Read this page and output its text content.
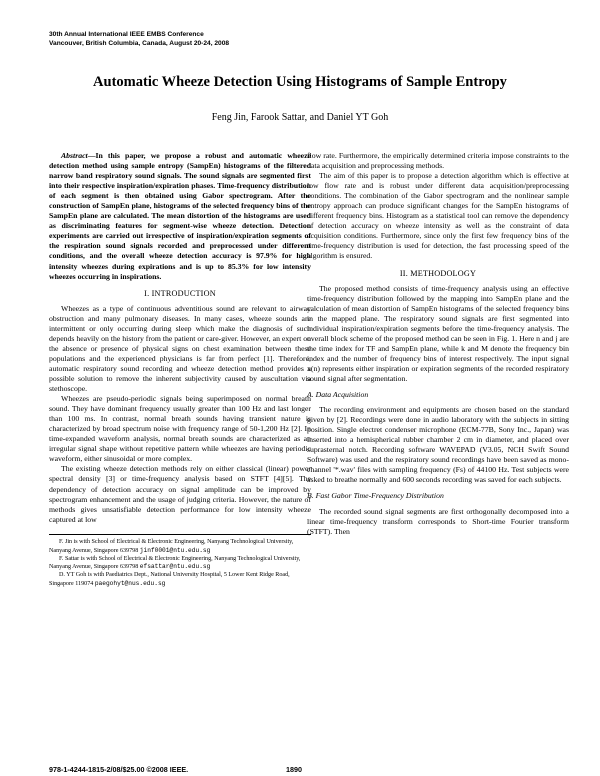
30th Annual International IEEE EMBS Conference
Vancouver, British Columbia, Canada, August 20-24, 2008
Automatic Wheeze Detection Using Histograms of Sample Entropy
Feng Jin, Farook Sattar, and Daniel YT Goh

Abstract—In this paper, we propose a robust and automatic wheeze detection method using sample entropy (SampEn) histograms of the filtered narrow band respiratory sound signals. The sound signals are segmented first into their respective inspiration/expiration phases. Time-frequency distribution of each segment is then obtained using Gabor spectrogram. After the construction of SampEn plane, histograms of the selected frequency bins of the SampEn plane are calculated. The mean distortion of the histograms are used as discriminating features for segment-wise wheeze detection. Detection experiments are carried out irrespective of inspiration/expiration segments of the respiration sound signals recorded and preprocessed under different conditions, and the overall wheeze detection accuracy is 97.9% for high intensity wheezes during expirations and is up to 85.3% for low intensity wheezes occurring in inspirations.

I. INTRODUCTION

Wheezes as a type of continuous adventitious sound are relevant to airway obstruction and many pulmonary diseases. In many cases, wheeze sounds are intermittent or only occurring during sleep which make the diagnosis of such depends heavily on the history from the patient or care-giver. However, an expert on the absence or presence of physical signs on chest examination between these populations and the experienced physicians is far from perfect [1]. Therefore, automatic respiratory sound recording and wheeze detection method provides a possible solution to remove the inherent subjectivity caused by auscultation via stethoscope.

Wheezes are pseudo-periodic signals being superimposed on normal breath sound. They have dominant frequency usually greater than 100 Hz and last longer than 100 ms. In contrast, normal breath sounds having transient nature is characterized by broad spectrum noise with frequency range of 50-1,200 Hz [2]. In time-expanded waveform analysis, normal breath sounds are characterized as an irregular signal shape without repetitive pattern while wheezes are having periodic waveform, either sinusoidal or more complex.

The existing wheeze detection methods rely on either classical (linear) power spectral density [3] or time-frequency analysis based on STFT [4][5]. The dependency of detection accuracy on signal amplitude can be improved by spectrogram enhancement and the usage of judging criteria. However, the nature of methods gives unsatisfiable detection performance for low intensity wheeze captured at low

F. Jin is with School of Electrical & Electronic Engineering, Nanyang Technological University, Nanyang Avenue, Singapore 639798 jinf0001@ntu.edu.sg

F. Sattar is with School of Electrical & Electronic Engineering, Nanyang Technological University, Nanyang Avenue, Singapore 639798 efsattar@ntu.edu.sg

D. YT Goh is with Paediatrics Dept., National University Hospital, 5 Lower Kent Ridge Road, Singapore 119074 paegohyt@nus.edu.sg

flow rate. Furthermore, the empirically determined criteria impose constraints to the data acquisition and preprocessing methods.

The aim of this paper is to propose a detection algorithm which is effective at low flow rate and is robust under different data acquisition/preprocessing conditions. The combination of the Gabor spectrogram and the nonlinear sample entropy approach can produce significant changes for the SampEn histograms of different frequency bins. Histogram as a statistical tool can remove the dependency of detection accuracy on wheeze intensity as well as the constraint of data acquisition conditions. Furthermore, since only the first few frequency bins of the time-frequency distribution is used for detection, the fast processing speed of the algorithm is ensured.

II. METHODOLOGY

The proposed method consists of time-frequency analysis using an effective time-frequency distribution followed by the mapping into SampEn plane and the calculation of mean distortion of SampEn histograms of the selected frequency bins in the mapped plane. The respiratory sound signals are first segmented into individual inspiration/expiration segments before the time-frequency analysis. The overall block scheme of the proposed method can be seen in Fig. 1. Here n and j are the time index for TF and SampEn plane, while k and M denote the frequency bin index and the number of frequency bins of interest respectively. The input signal x(n) represents either inspiration or expiration segments of the recorded respiratory sound signal after segmentation.

A. Data Acquisition

The recording environment and equipments are chosen based on the standard given by [2]. Recordings were done in audio laboratory with the subjects in sitting position. Single electret condenser microphone (ECM-77B, Sony Inc., Japan) was inserted into a hemispherical rubber chamber 2 cm in diameter, and placed over suprasternal notch. Recording software WAVEPAD (V3.05, NCH Swift Sound Software) was used and the respiratory sound recordings have been saved as mono-channel '*.wav' files with sampling frequency (Fs) of 44100 Hz. Test subjects were asked to breathe normally and 600 seconds recording was saved for each subjects.

B. Fast Gabor Time-Frequency Distribution

The recorded sound signal segments are first orthogonally decomposed into a linear time-frequency transform corresponds to Short-time Fourier transform (STFT). Then

978-1-4244-1815-2/08/$25.00 ©2008 IEEE.	1890
